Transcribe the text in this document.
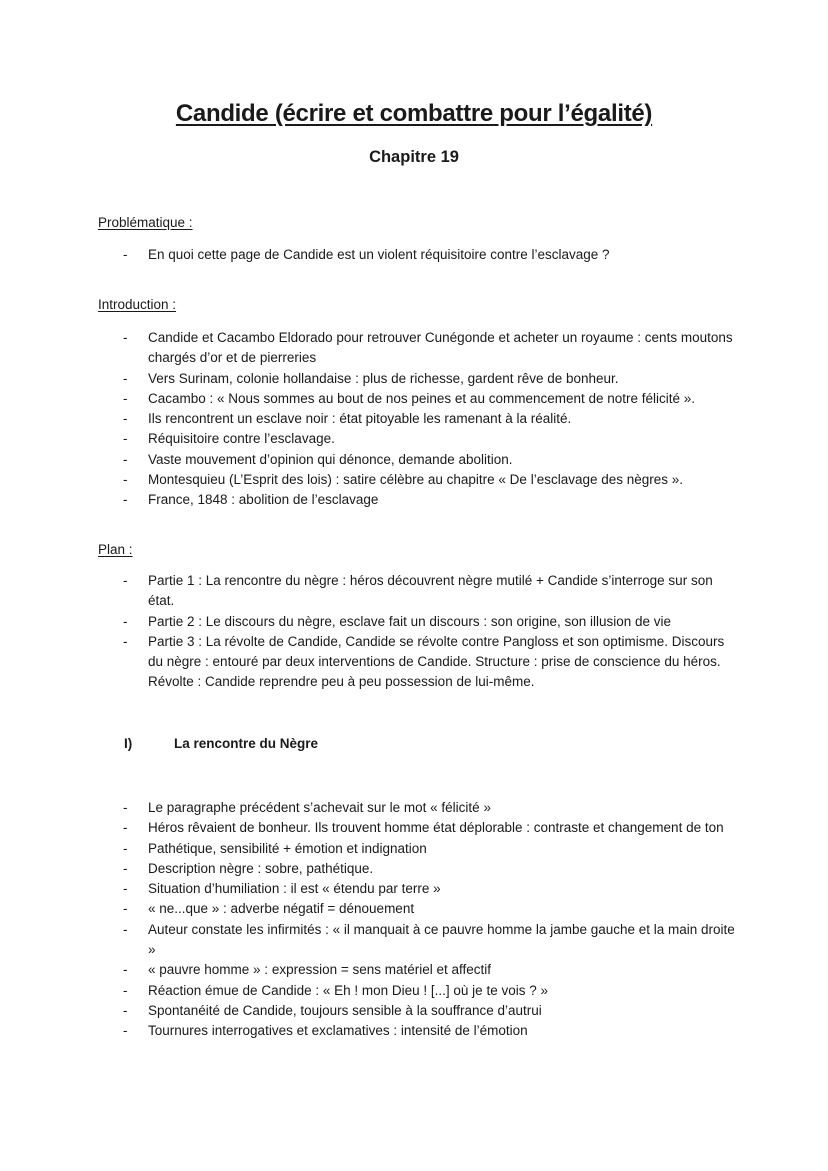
Candide (écrire et combattre pour l’égalité)
Chapitre 19
Problématique :
- En quoi cette page de Candide est un violent réquisitoire contre l’esclavage ?
Introduction :
- Candide et Cacambo Eldorado pour retrouver Cunégonde et acheter un royaume : cents moutons chargés d’or et de pierreries
- Vers Surinam, colonie hollandaise : plus de richesse, gardent rêve de bonheur.
- Cacambo : « Nous sommes au bout de nos peines et au commencement de notre félicité ».
- Ils rencontrent un esclave noir : état pitoyable les ramenant à la réalité.
- Réquisitoire contre l’esclavage.
- Vaste mouvement d’opinion qui dénonce, demande abolition.
- Montesquieu (L’Esprit des lois) : satire célèbre au chapitre « De l’esclavage des nègres ».
- France, 1848 : abolition de l’esclavage
Plan :
- Partie 1 : La rencontre du nègre : héros découvrent nègre mutilé + Candide s’interroge sur son état.
- Partie 2 : Le discours du nègre, esclave fait un discours : son origine, son illusion de vie
- Partie 3 : La révolte de Candide, Candide se révolte contre Pangloss et son optimisme. Discours du nègre : entouré par deux interventions de Candide. Structure : prise de conscience du héros. Révolte : Candide reprendre peu à peu possession de lui-même.
I)	La rencontre du Nègre
- Le paragraphe précédent s’achevait sur le mot « félicité »
- Héros rêvaient de bonheur. Ils trouvent homme état déplorable : contraste et changement de ton
- Pathétique, sensibilité + émotion et indignation
- Description nègre : sobre, pathétique.
- Situation d’humiliation : il est « étendu par terre »
- « ne...que » : adverbe négatif = dénouement
- Auteur constate les infirmités : « il manquait à ce pauvre homme la jambe gauche et la main droite »
- « pauvre homme » : expression = sens matériel et affectif
- Réaction émue de Candide : « Eh ! mon Dieu ! [...] où je te vois ? »
- Spontanéité de Candide, toujours sensible à la souffrance d’autrui
- Tournures interrogatives et exclamatives : intensité de l’émotion
